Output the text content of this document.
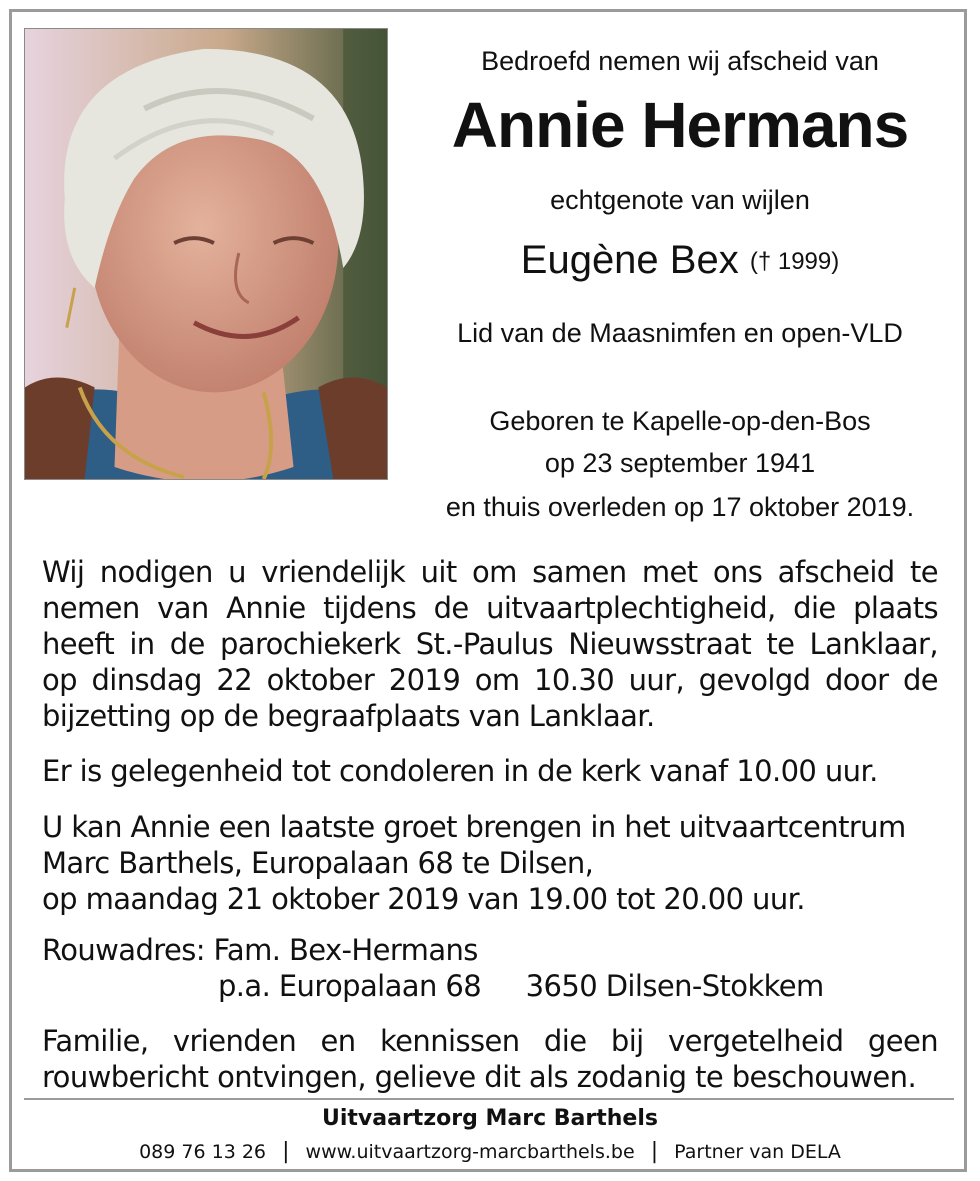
Bedroefd nemen wij afscheid van
Annie Hermans
echtgenote van wijlen
Eugène Bex († 1999)
Lid van de Maasnimfen en open-VLD
Geboren te Kapelle-op-den-Bos
op 23 september 1941
en thuis overleden op 17 oktober 2019.
Wij nodigen u vriendelijk uit om samen met ons afscheid te
nemen van Annie tijdens de uitvaartplechtigheid, die plaats
heeft in de parochiekerk St.-Paulus Nieuwsstraat te Lanklaar,
op dinsdag 22 oktober 2019 om 10.30 uur, gevolgd door de
bijzetting op de begraafplaats van Lanklaar.
Er is gelegenheid tot condoleren in de kerk vanaf 10.00 uur.
U kan Annie een laatste groet brengen in het uitvaartcentrum
Marc Barthels, Europalaan 68 te Dilsen,
op maandag 21 oktober 2019 van 19.00 tot 20.00 uur.
Rouwadres: Fam. Bex-Hermans
p.a. Europalaan 68 3650 Dilsen-Stokkem
Familie, vrienden en kennissen die bij vergetelheid geen
rouwbericht ontvingen, gelieve dit als zodanig te beschouwen.
Uitvaartzorg Marc Barthels
089 76 13 26 | www.uitvaartzorg-marcbarthels.be | Partner van DELA
